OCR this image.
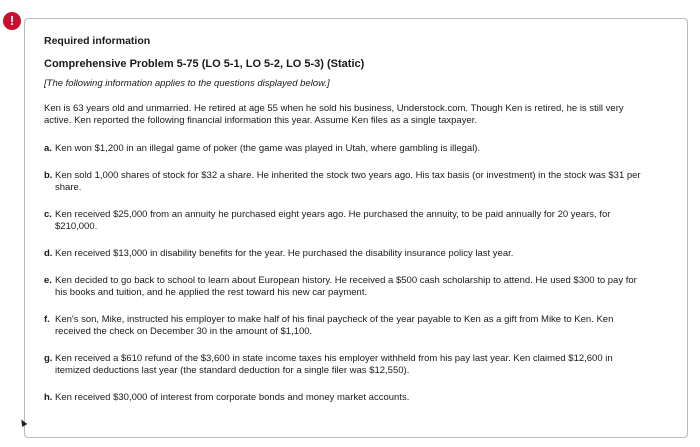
!
Required information
Comprehensive Problem 5-75 (LO 5-1, LO 5-2, LO 5-3) (Static)
[The following information applies to the questions displayed below.]
Ken is 63 years old and unmarried. He retired at age 55 when he sold his business, Understock.com. Though Ken is retired, he is still very active. Ken reported the following financial information this year. Assume Ken files as a single taxpayer.
a. Ken won $1,200 in an illegal game of poker (the game was played in Utah, where gambling is illegal).
b. Ken sold 1,000 shares of stock for $32 a share. He inherited the stock two years ago. His tax basis (or investment) in the stock was $31 per share.
c. Ken received $25,000 from an annuity he purchased eight years ago. He purchased the annuity, to be paid annually for 20 years, for $210,000.
d. Ken received $13,000 in disability benefits for the year. He purchased the disability insurance policy last year.
e. Ken decided to go back to school to learn about European history. He received a $500 cash scholarship to attend. He used $300 to pay for his books and tuition, and he applied the rest toward his new car payment.
f. Ken's son, Mike, instructed his employer to make half of his final paycheck of the year payable to Ken as a gift from Mike to Ken. Ken received the check on December 30 in the amount of $1,100.
g. Ken received a $610 refund of the $3,600 in state income taxes his employer withheld from his pay last year. Ken claimed $12,600 in itemized deductions last year (the standard deduction for a single filer was $12,550).
h. Ken received $30,000 of interest from corporate bonds and money market accounts.
